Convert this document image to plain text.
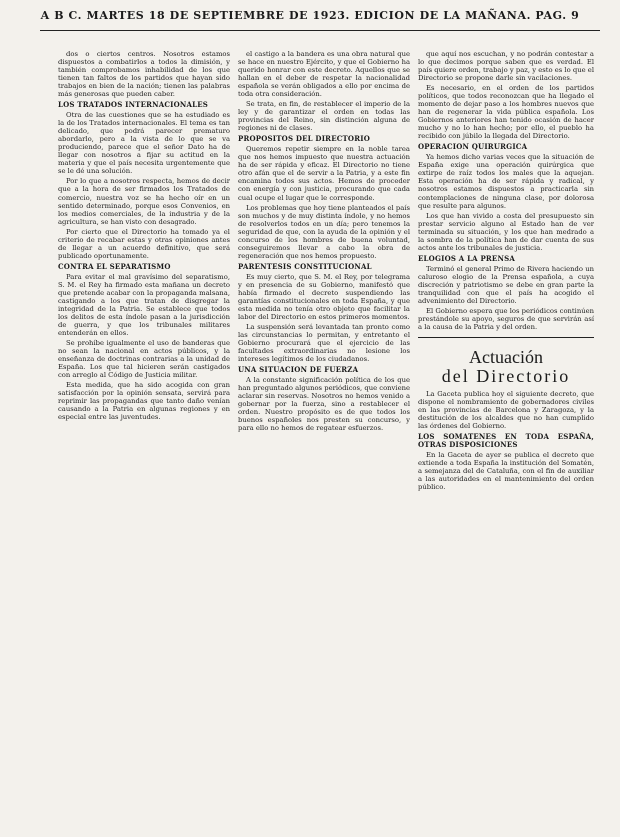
A B C. MARTES 18 DE SEPTIEMBRE DE 1923. EDICION DE LA MAÑANA. PAG. 9

dos o ciertos centros. Nosotros estamos dispuestos a combatirlos a todos la dimisión, y también comprobamos inhabilidad de los que tienen tan faltos de los partidos que hayan sido trabajos en bien de la nación; tienen las palabras más generosas que pueden caber.

LOS TRATADOS INTERNACIONALES

Otra de las cuestiones que se ha estudiado es la de los Tratados internacionales. El tema es tan delicado, que podrá parecer prematuro abordarlo, pero a la vista de lo que se va produciendo, parece que el señor Dato ha de llegar con nosotros a fijar su actitud en la materia y que el país necesita urgentemente que se le dé una solución.

Por lo que a nosotros respecta, hemos de decir que a la hora de ser firmados los Tratados de comercio, nuestra voz se ha hecho oír en un sentido determinado, porque esos Convenios, en los medios comerciales, de la industria y de la agricultura, se han visto con desagrado.

Por cierto que el Directorio ha tomado ya el criterio de recabar estas y otras opiniones antes de llegar a un acuerdo definitivo, que será publicado oportunamente.

CONTRA EL SEPARATISMO

Para evitar el mal gravísimo del separatismo, S. M. el Rey ha firmado esta mañana un decreto que pretende acabar con la propaganda malsana, castigando a los que tratan de disgregar la integridad de la Patria. Se establece que todos los delitos de esta índole pasan a la jurisdicción de guerra, y que los tribunales militares entenderán en ellos.

Se prohíbe igualmente el uso de banderas que no sean la nacional en actos públicos, y la enseñanza de doctrinas contrarias a la unidad de España. Los que tal hicieren serán castigados con arreglo al Código de Justicia militar.

Esta medida, que ha sido acogida con gran satisfacción por la opinión sensata, servirá para reprimir las propagandas que tanto daño venían causando a la Patria en algunas regiones y en especial entre las juventudes.

el castigo a la bandera es una obra natural que se hace en nuestro Ejército, y que el Gobierno ha querido honrar con este decreto. Aquellos que se hallan en el deber de respetar la nacionalidad española se verán obligados a ello por encima de toda otra consideración.

Se trata, en fin, de restablecer el imperio de la ley y de garantizar el orden en todas las provincias del Reino, sin distinción alguna de regiones ni de clases.

PROPOSITOS DEL DIRECTORIO

Queremos repetir siempre en la noble tarea que nos hemos impuesto que nuestra actuación ha de ser rápida y eficaz. El Directorio no tiene otro afán que el de servir a la Patria, y a este fin encamina todos sus actos. Hemos de proceder con energía y con justicia, procurando que cada cual ocupe el lugar que le corresponde.

Los problemas que hoy tiene planteados el país son muchos y de muy distinta índole, y no hemos de resolverlos todos en un día; pero tenemos la seguridad de que, con la ayuda de la opinión y el concurso de los hombres de buena voluntad, conseguiremos llevar a cabo la obra de regeneración que nos hemos propuesto.

PARENTESIS CONSTITUCIONAL

Es muy cierto, que S. M. el Rey, por telegrama y en presencia de su Gobierno, manifestó que había firmado el decreto suspendiendo las garantías constitucionales en toda España, y que esta medida no tenía otro objeto que facilitar la labor del Directorio en estos primeros momentos.

La suspensión será levantada tan pronto como las circunstancias lo permitan, y entretanto el Gobierno procurará que el ejercicio de las facultades extraordinarias no lesione los intereses legítimos de los ciudadanos.

UNA SITUACION DE FUERZA

A la constante significación política de los que han preguntado algunos periódicos, que conviene aclarar sin reservas. Nosotros no hemos venido a gobernar por la fuerza, sino a restablecer el orden. Nuestro propósito es de que todos los buenos españoles nos presten su concurso, y para ello no hemos de regatear esfuerzos.

que aquí nos escuchan, y no podrán contestar a lo que decimos porque saben que es verdad. El país quiere orden, trabajo y paz, y esto es lo que el Directorio se propone darle sin vacilaciones.

Es necesario, en el orden de los partidos políticos, que todos reconozcan que ha llegado el momento de dejar paso a los hombres nuevos que han de regenerar la vida pública española. Los Gobiernos anteriores han tenido ocasión de hacer mucho y no lo han hecho; por ello, el pueblo ha recibido con júbilo la llegada del Directorio.

OPERACION QUIRURGICA

Ya hemos dicho varias veces que la situación de España exige una operación quirúrgica que extirpe de raíz todos los males que la aquejan. Esta operación ha de ser rápida y radical, y nosotros estamos dispuestos a practicarla sin contemplaciones de ninguna clase, por dolorosa que resulte para algunos.

Los que han vivido a costa del presupuesto sin prestar servicio alguno al Estado han de ver terminada su situación, y los que han medrado a la sombra de la política han de dar cuenta de sus actos ante los tribunales de justicia.

ELOGIOS A LA PRENSA

Terminó el general Primo de Rivera haciendo un caluroso elogio de la Prensa española, a cuya discreción y patriotismo se debe en gran parte la tranquilidad con que el país ha acogido el advenimiento del Directorio.

El Gobierno espera que los periódicos continúen prestándole su apoyo, seguros de que servirán así a la causa de la Patria y del orden.

Actuación
del Directorio

La Gaceta publica hoy el siguiente decreto, que dispone el nombramiento de gobernadores civiles en las provincias de Barcelona y Zaragoza, y la destitución de los alcaldes que no han cumplido las órdenes del Gobierno.

LOS SOMATENES EN TODA ESPAÑA, OTRAS DISPOSICIONES

En la Gaceta de ayer se publica el decreto que extiende a toda España la institución del Somatén, a semejanza del de Cataluña, con el fin de auxiliar a las autoridades en el mantenimiento del orden público.
